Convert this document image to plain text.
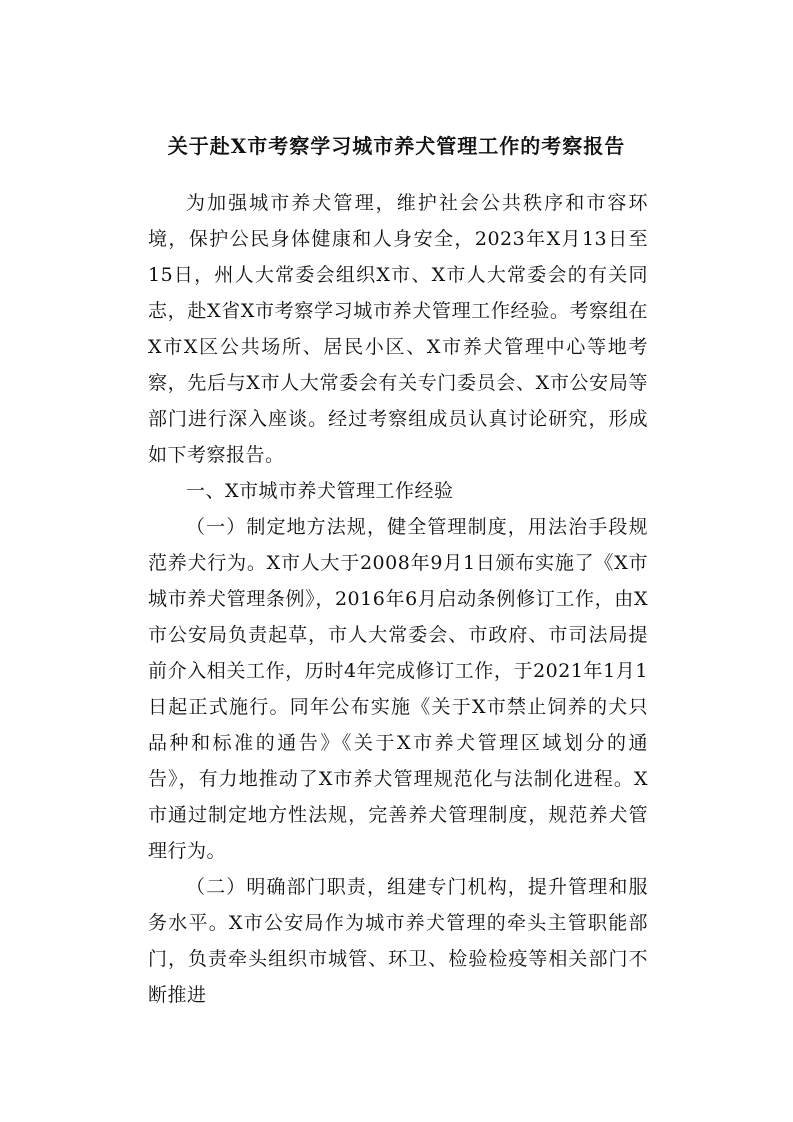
关于赴X市考察学习城市养犬管理工作的考察报告

为加强城市养犬管理，维护社会公共秩序和市容环境，保护公民身体健康和人身安全，2023年X月13日至15日，州人大常委会组织X市、X市人大常委会的有关同志，赴X省X市考察学习城市养犬管理工作经验。考察组在X市X区公共场所、居民小区、X市养犬管理中心等地考察，先后与X市人大常委会有关专门委员会、X市公安局等部门进行深入座谈。经过考察组成员认真讨论研究，形成如下考察报告。

一、X市城市养犬管理工作经验

（一）制定地方法规，健全管理制度，用法治手段规范养犬行为。X市人大于2008年9月1日颁布实施了《X市城市养犬管理条例》，2016年6月启动条例修订工作，由X市公安局负责起草，市人大常委会、市政府、市司法局提前介入相关工作，历时4年完成修订工作，于2021年1月1日起正式施行。同年公布实施《关于X市禁止饲养的犬只品种和标准的通告》《关于X市养犬管理区域划分的通告》，有力地推动了X市养犬管理规范化与法制化进程。X市通过制定地方性法规，完善养犬管理制度，规范养犬管理行为。

（二）明确部门职责，组建专门机构，提升管理和服务水平。X市公安局作为城市养犬管理的牵头主管职能部门，负责牵头组织市城管、环卫、检验检疫等相关部门不断推进
